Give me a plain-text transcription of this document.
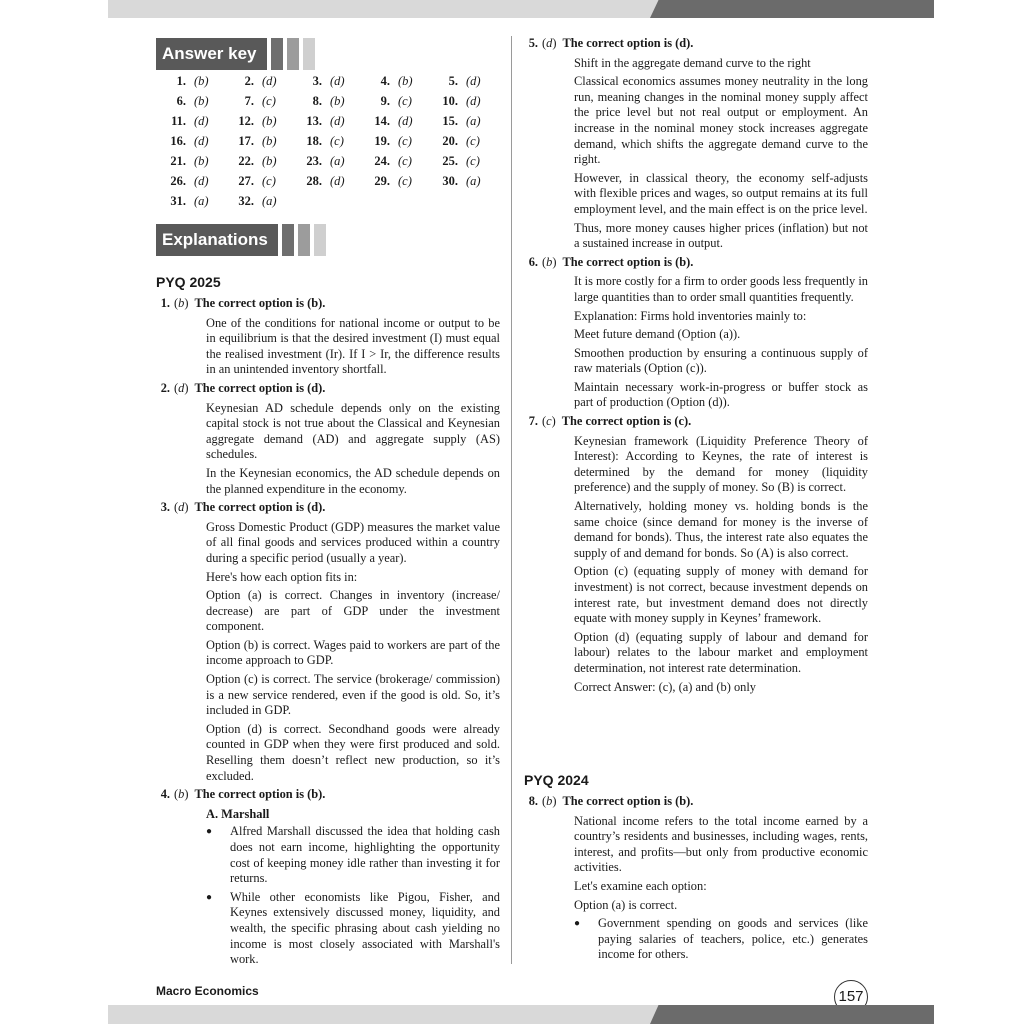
Answer key
1. (b)	2. (d)	3. (d)	4. (b)	5. (d)
6. (b)	7. (c)	8. (b)	9. (c)	10. (d)
11. (d)	12. (b)	13. (d)	14. (d)	15. (a)
16. (d)	17. (b)	18. (c)	19. (c)	20. (c)
21. (b)	22. (b)	23. (a)	24. (c)	25. (c)
26. (d)	27. (c)	28. (d)	29. (c)	30. (a)
31. (a)	32. (a)
Explanations
PYQ 2025
1. (b) The correct option is (b).
One of the conditions for national income or output to be in equilibrium is that the desired investment (I) must equal the realised investment (Ir). If I > Ir, the difference results in an unintended inventory shortfall.
2. (d) The correct option is (d).
Keynesian AD schedule depends only on the existing capital stock is not true about the Classical and Keynesian aggregate demand (AD) and aggregate supply (AS) schedules.
In the Keynesian economics, the AD schedule depends on the planned expenditure in the economy.
3. (d) The correct option is (d).
Gross Domestic Product (GDP) measures the market value of all final goods and services produced within a country during a specific period (usually a year).
Here's how each option fits in:
Option (a) is correct. Changes in inventory (increase/ decrease) are part of GDP under the investment component.
Option (b) is correct. Wages paid to workers are part of the income approach to GDP.
Option (c) is correct. The service (brokerage/ commission) is a new service rendered, even if the good is old. So, it’s included in GDP.
Option (d) is correct. Secondhand goods were already counted in GDP when they were first produced and sold. Reselling them doesn’t reflect new production, so it’s excluded.
4. (b) The correct option is (b).
A. Marshall
●	Alfred Marshall discussed the idea that holding cash does not earn income, highlighting the opportunity cost of keeping money idle rather than investing it for returns.
●	While other economists like Pigou, Fisher, and Keynes extensively discussed money, liquidity, and wealth, the specific phrasing about cash yielding no income is most closely associated with Marshall's work.
5. (d) The correct option is (d).
Shift in the aggregate demand curve to the right
Classical economics assumes money neutrality in the long run, meaning changes in the nominal money supply affect the price level but not real output or employment. An increase in the nominal money stock increases aggregate demand, which shifts the aggregate demand curve to the right.
However, in classical theory, the economy self-adjusts with flexible prices and wages, so output remains at its full employment level, and the main effect is on the price level.
Thus, more money causes higher prices (inflation) but not a sustained increase in output.
6. (b) The correct option is (b).
It is more costly for a firm to order goods less frequently in large quantities than to order small quantities frequently.
Explanation: Firms hold inventories mainly to:
Meet future demand (Option (a)).
Smoothen production by ensuring a continuous supply of raw materials (Option (c)).
Maintain necessary work-in-progress or buffer stock as part of production (Option (d)).
7. (c) The correct option is (c).
Keynesian framework (Liquidity Preference Theory of Interest): According to Keynes, the rate of interest is determined by the demand for money (liquidity preference) and the supply of money. So (B) is correct.
Alternatively, holding money vs. holding bonds is the same choice (since demand for money is the inverse of demand for bonds). Thus, the interest rate also equates the supply of and demand for bonds. So (A) is also correct.
Option (c) (equating supply of money with demand for investment) is not correct, because investment depends on interest rate, but investment demand does not directly equate with money supply in Keynes’ framework.
Option (d) (equating supply of labour and demand for labour) relates to the labour market and employment determination, not interest rate determination.
Correct Answer: (c), (a) and (b) only
PYQ 2024
8. (b) The correct option is (b).
National income refers to the total income earned by a country’s residents and businesses, including wages, rents, interest, and profits—but only from productive economic activities.
Let's examine each option:
Option (a) is correct.
●	Government spending on goods and services (like paying salaries of teachers, police, etc.) generates income for others.
Macro Economics	157
